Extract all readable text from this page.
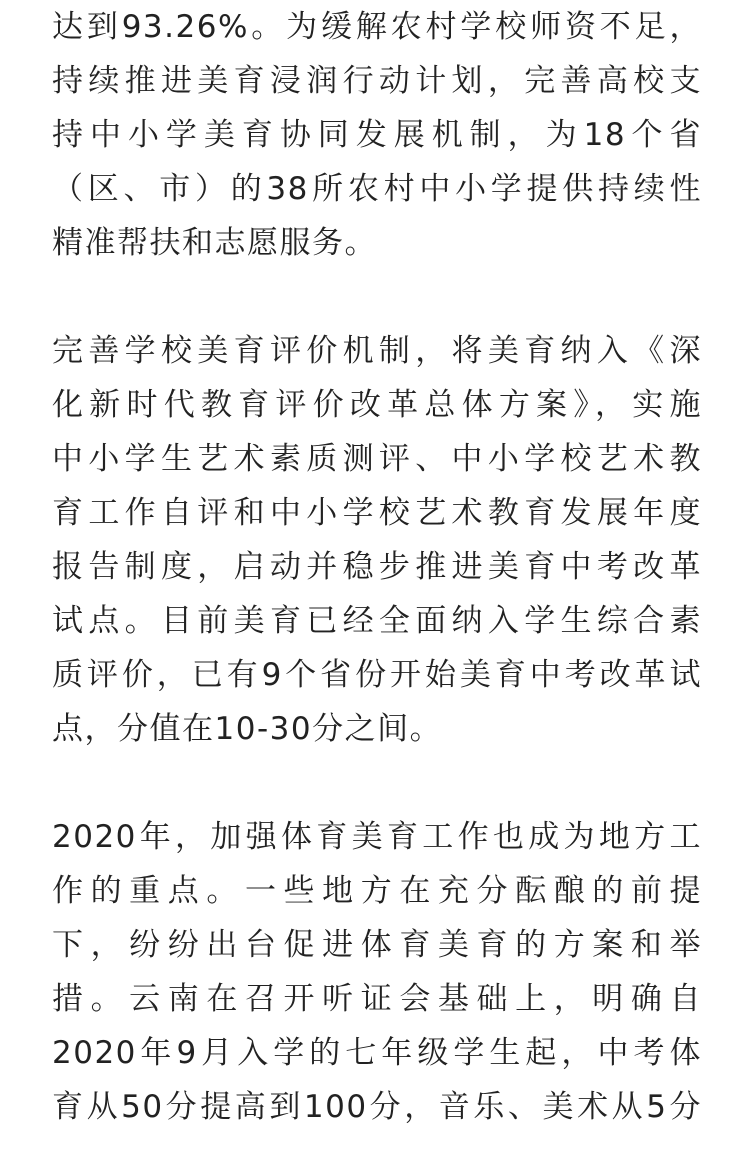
达到93.26%。为缓解农村学校师资不足，
持续推进美育浸润行动计划，完善高校支
持中小学美育协同发展机制，为18个省
（区、市）的38所农村中小学提供持续性
精准帮扶和志愿服务。
完善学校美育评价机制，将美育纳入《深
化新时代教育评价改革总体方案》，实施
中小学生艺术素质测评、中小学校艺术教
育工作自评和中小学校艺术教育发展年度
报告制度，启动并稳步推进美育中考改革
试点。目前美育已经全面纳入学生综合素
质评价，已有9个省份开始美育中考改革试
点，分值在10-30分之间。
2020年，加强体育美育工作也成为地方工
作的重点。一些地方在充分酝酿的前提
下，纷纷出台促进体育美育的方案和举
措。云南在召开听证会基础上，明确自
2020年9月入学的七年级学生起，中考体
育从50分提高到100分，音乐、美术从5分
